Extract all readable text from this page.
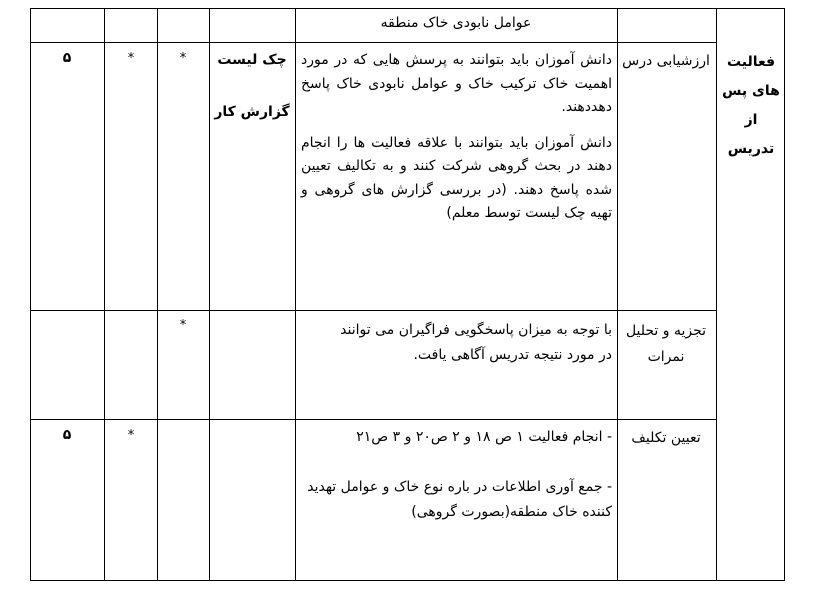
عوامل نابودی خاک منطقه
فعالیت های پس از تدریس
ارزشیابی درس

دانش آموزان باید بتوانند به پرسش هایی که در مورد اهمیت خاک ترکیب خاک و عوامل نابودی خاک پاسخ دهددهند.

دانش آموزان باید بتوانند با علاقه فعالیت ها را انجام دهند در بحث گروهی شرکت کنند و به تکالیف تعیین شده پاسخ دهند. (در بررسی گزارش های گروهی و تهیه چک لیست توسط معلم)

چک لیست
گزارش کار
*
*
۵
تجزیه و تحلیل نمرات
با توجه به میزان پاسخگویی فراگیران می توانند در مورد نتیجه تدریس آگاهی یافت.
*
تعیین تکلیف

- انجام فعالیت ۱ ص ۱۸ و ۲ ص۲۰ و ۳ ص۲۱

- جمع آوری اطلاعات در باره نوع خاک و عوامل تهدید کننده خاک منطقه(بصورت گروهی)

*
۵
